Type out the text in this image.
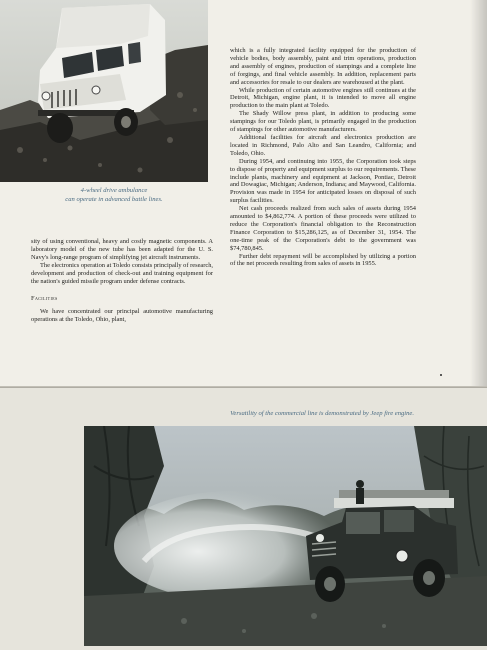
4-wheel drive ambulance
can operate in advanced battle lines.

sity of using conventional, heavy and costly magnetic components. A laboratory model of the new tube has been adapted for the U. S. Navy's long-range program of simplifying jet aircraft instruments.

The electronics operation at Toledo consists principally of research, development and production of check-out and training equipment for the nation's guided missile program under defense contracts.

Facilities

We have concentrated our principal automotive manufacturing operations at the Toledo, Ohio, plant,

which is a fully integrated facility equipped for the production of vehicle bodies, body assembly, paint and trim operations, production and assembly of engines, production of stampings and a complete line of forgings, and final vehicle assembly. In addition, replacement parts and accessories for resale to our dealers are warehoused at the plant.

While production of certain automotive engines still continues at the Detroit, Michigan, engine plant, it is intended to move all engine production to the main plant at Toledo.

The Shady Willow press plant, in addition to producing some stampings for our Toledo plant, is primarily engaged in the production of stampings for other automotive manufacturers.

Additional facilities for aircraft and electronics production are located in Richmond, Palo Alto and San Leandro, California; and Toledo, Ohio.

During 1954, and continuing into 1955, the Corporation took steps to dispose of property and equipment surplus to our requirements. These include plants, machinery and equipment at Jackson, Pontiac, Detroit and Dowagiac, Michigan; Anderson, Indiana; and Maywood, California. Provision was made in 1954 for anticipated losses on disposal of such surplus facilities.

Net cash proceeds realized from such sales of assets during 1954 amounted to $4,862,774. A portion of these proceeds were utilized to reduce the Corporation's financial obligation to the Reconstruction Finance Corporation to $15,286,125, as of December 31, 1954. The one-time peak of the Corporation's debt to the government was $74,780,845.

Further debt repayment will be accomplished by utilizing a portion of the net proceeds resulting from sales of assets in 1955.

Versatility of the commercial line is demonstrated by Jeep fire engine.
